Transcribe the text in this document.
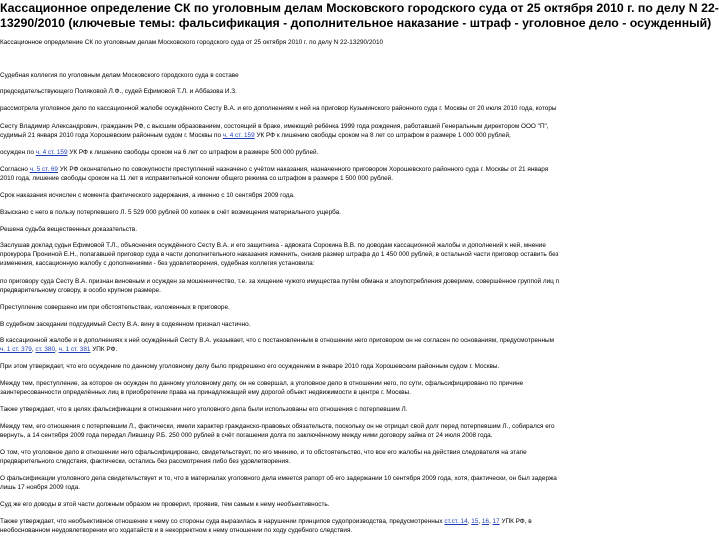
Кассационное определение СК по уголовным делам Московского городского суда от 25 октября 2010 г. по делу N 22-
13290/2010 (ключевые темы: фальсификация - дополнительное наказание - штраф - уголовное дело - осужденный)
Кассационное определение СК по уголовным делам Московского городского суда от 25 октября 2010 г. по делу N 22-13290/2010
Судебная коллегия по уголовным делам Московского городского суда в составе
председательствующего Поляковой Л.Ф., судей Ефимовой Т.Л. и Аббазова И.З.
рассмотрела уголовное дело по кассационной жалобе осуждённого Сесту В.А. и его дополнениям к ней на приговор Кузьминского районного суда г. Москвы от 20 июля 2010 года, которы
Сесту Владимир Александрович, гражданин РФ, с высшим образованием, состоящий в браке, имеющий ребёнка 1999 года рождения, работавший Генеральным директором ООО "П",
судимый 21 января 2010 года Хорошевским районным судом г. Москвы по ч. 4 ст. 159 УК РФ к лишению свободы сроком на 8 лет со штрафом в размере 1 000 000 рублей,
осужден по ч. 4 ст. 159 УК РФ к лишению свободы сроком на 6 лет со штрафом в размере 500 000 рублей.
Согласно ч. 5 ст. 69 УК РФ окончательно по совокупности преступлений назначено с учётом наказания, назначенного приговором Хорошевского районного суда г. Москвы от 21 января
2010 года, лишение свободы сроком на 11 лет в исправительной колонии общего режима со штрафом в размере 1 500 000 рублей.
Срок наказания исчислен с момента фактического задержания, а именно с 10 сентября 2009 года.
Взыскано с него в пользу потерпевшего Л. 5 529 000 рублей 00 копеек в счёт возмещения материального ущерба.
Решена судьба вещественных доказательств.
Заслушав доклад судьи Ефимовой Т.Л., объяснения осуждённого Сесту В.А. и его защитника - адвоката Сорокина В.В. по доводам кассационной жалобы и дополнений к ней, мнение
прокурора Прониной Е.Н., полагавшей приговор суда в части дополнительного наказания изменить, снизив размер штрафа до 1 450 000 рублей, в остальной части приговор оставить без
изменения, кассационную жалобу с дополнениями - без удовлетворения, судебная коллегия установила:
по приговору суда Сесту В.А. признан виновным и осужден за мошенничество, т.е. за хищение чужого имущества путём обмана и злоупотребления доверием, совершённое группой лиц п
предварительному сговору, в особо крупном размере.
Преступление совершено им при обстоятельствах, изложенных в приговоре.
В судебном заседании подсудимый Сесту В.А. вину в содеянном признал частично.
В кассационной жалобе и в дополнениях к ней осуждённый Сесту В.А. указывает, что с постановленным в отношении него приговором он не согласен по основаниям, предусмотренным
ч. 1 ст. 379, ст. 380, ч. 1 ст. 381 УПК РФ.
При этом утверждает, что его осуждение по данному уголовному делу было предрешено его осуждением в январе 2010 года Хорошевским районным судом г. Москвы.
Между тем, преступление, за которое он осужден по данному уголовному делу, он не совершал, а уголовное дело в отношении него, по сути, сфальсифицировано по причине
заинтересованности определённых лиц в приобретении права на принадлежащий ему дорогой объект недвижимости в центре г. Москвы.
Также утверждает, что в целях фальсификации в отношении него уголовного дела были использованы его отношения с потерпевшим Л.
Между тем, его отношения с потерпевшим Л., фактически, имели характер гражданско-правовых обязательств, поскольку он не отрицал свой долг перед потерпевшим Л., собирался его
вернуть, а 14 сентября 2009 года передал Лившицу Р.Б. 250 000 рублей в счёт погашения долга по заключённому между ними договору займа от 24 июля 2008 года.
О том, что уголовное дело в отношении него сфальсифицировано, свидетельствует, по его мнению, и то обстоятельство, что все его жалобы на действия следователя на этапе
предварительного следствия, фактически, остались без рассмотрения либо без удовлетворения.
О фальсификации уголовного дела свидетельствует и то, что в материалах уголовного дела имеется рапорт об его задержании 10 сентября 2009 года, хотя, фактически, он был задержа
лишь 17 ноября 2009 года.
Суд же его доводы в этой части должным образом не проверил, проявив, тем самым к нему необъективность.
Также утверждает, что необъективное отношение к нему со стороны суда выразилась в нарушении принципов судопроизводства, предусмотренных ст.ст. 14, 15, 16, 17 УПК РФ, в
необоснованном неудовлетворении его ходатайств и в некорректном к нему отношении по ходу судебного следствия.
